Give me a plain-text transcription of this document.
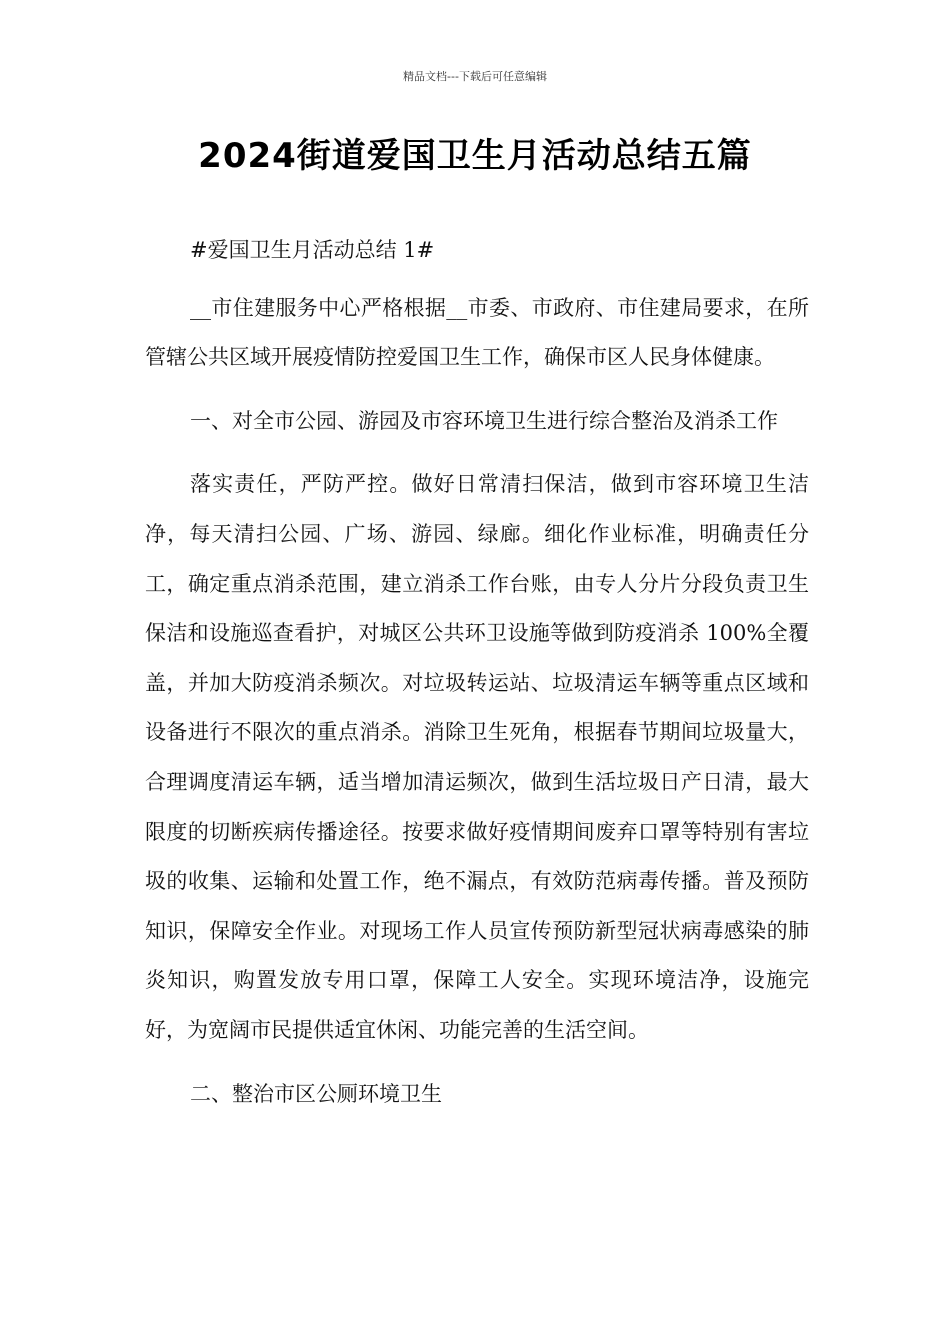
精品文档---下载后可任意编辑
2024街道爱国卫生月活动总结五篇

#爱国卫生月活动总结 1#

__市住建服务中心严格根据__市委、市政府、市住建局要求，在所管辖公共区域开展疫情防控爱国卫生工作，确保市区人民身体健康。

一、对全市公园、游园及市容环境卫生进行综合整治及消杀工作

落实责任，严防严控。做好日常清扫保洁，做到市容环境卫生洁净，每天清扫公园、广场、游园、绿廊。细化作业标准，明确责任分工，确定重点消杀范围，建立消杀工作台账，由专人分片分段负责卫生保洁和设施巡查看护，对城区公共环卫设施等做到防疫消杀 100%全覆盖，并加大防疫消杀频次。对垃圾转运站、垃圾清运车辆等重点区域和设备进行不限次的重点消杀。消除卫生死角，根据春节期间垃圾量大，合理调度清运车辆，适当增加清运频次，做到生活垃圾日产日清，最大限度的切断疾病传播途径。按要求做好疫情期间废弃口罩等特别有害垃圾的收集、运输和处置工作，绝不漏点，有效防范病毒传播。普及预防知识，保障安全作业。对现场工作人员宣传预防新型冠状病毒感染的肺炎知识，购置发放专用口罩，保障工人安全。实现环境洁净，设施完好，为宽阔市民提供适宜休闲、功能完善的生活空间。

二、整治市区公厕环境卫生
